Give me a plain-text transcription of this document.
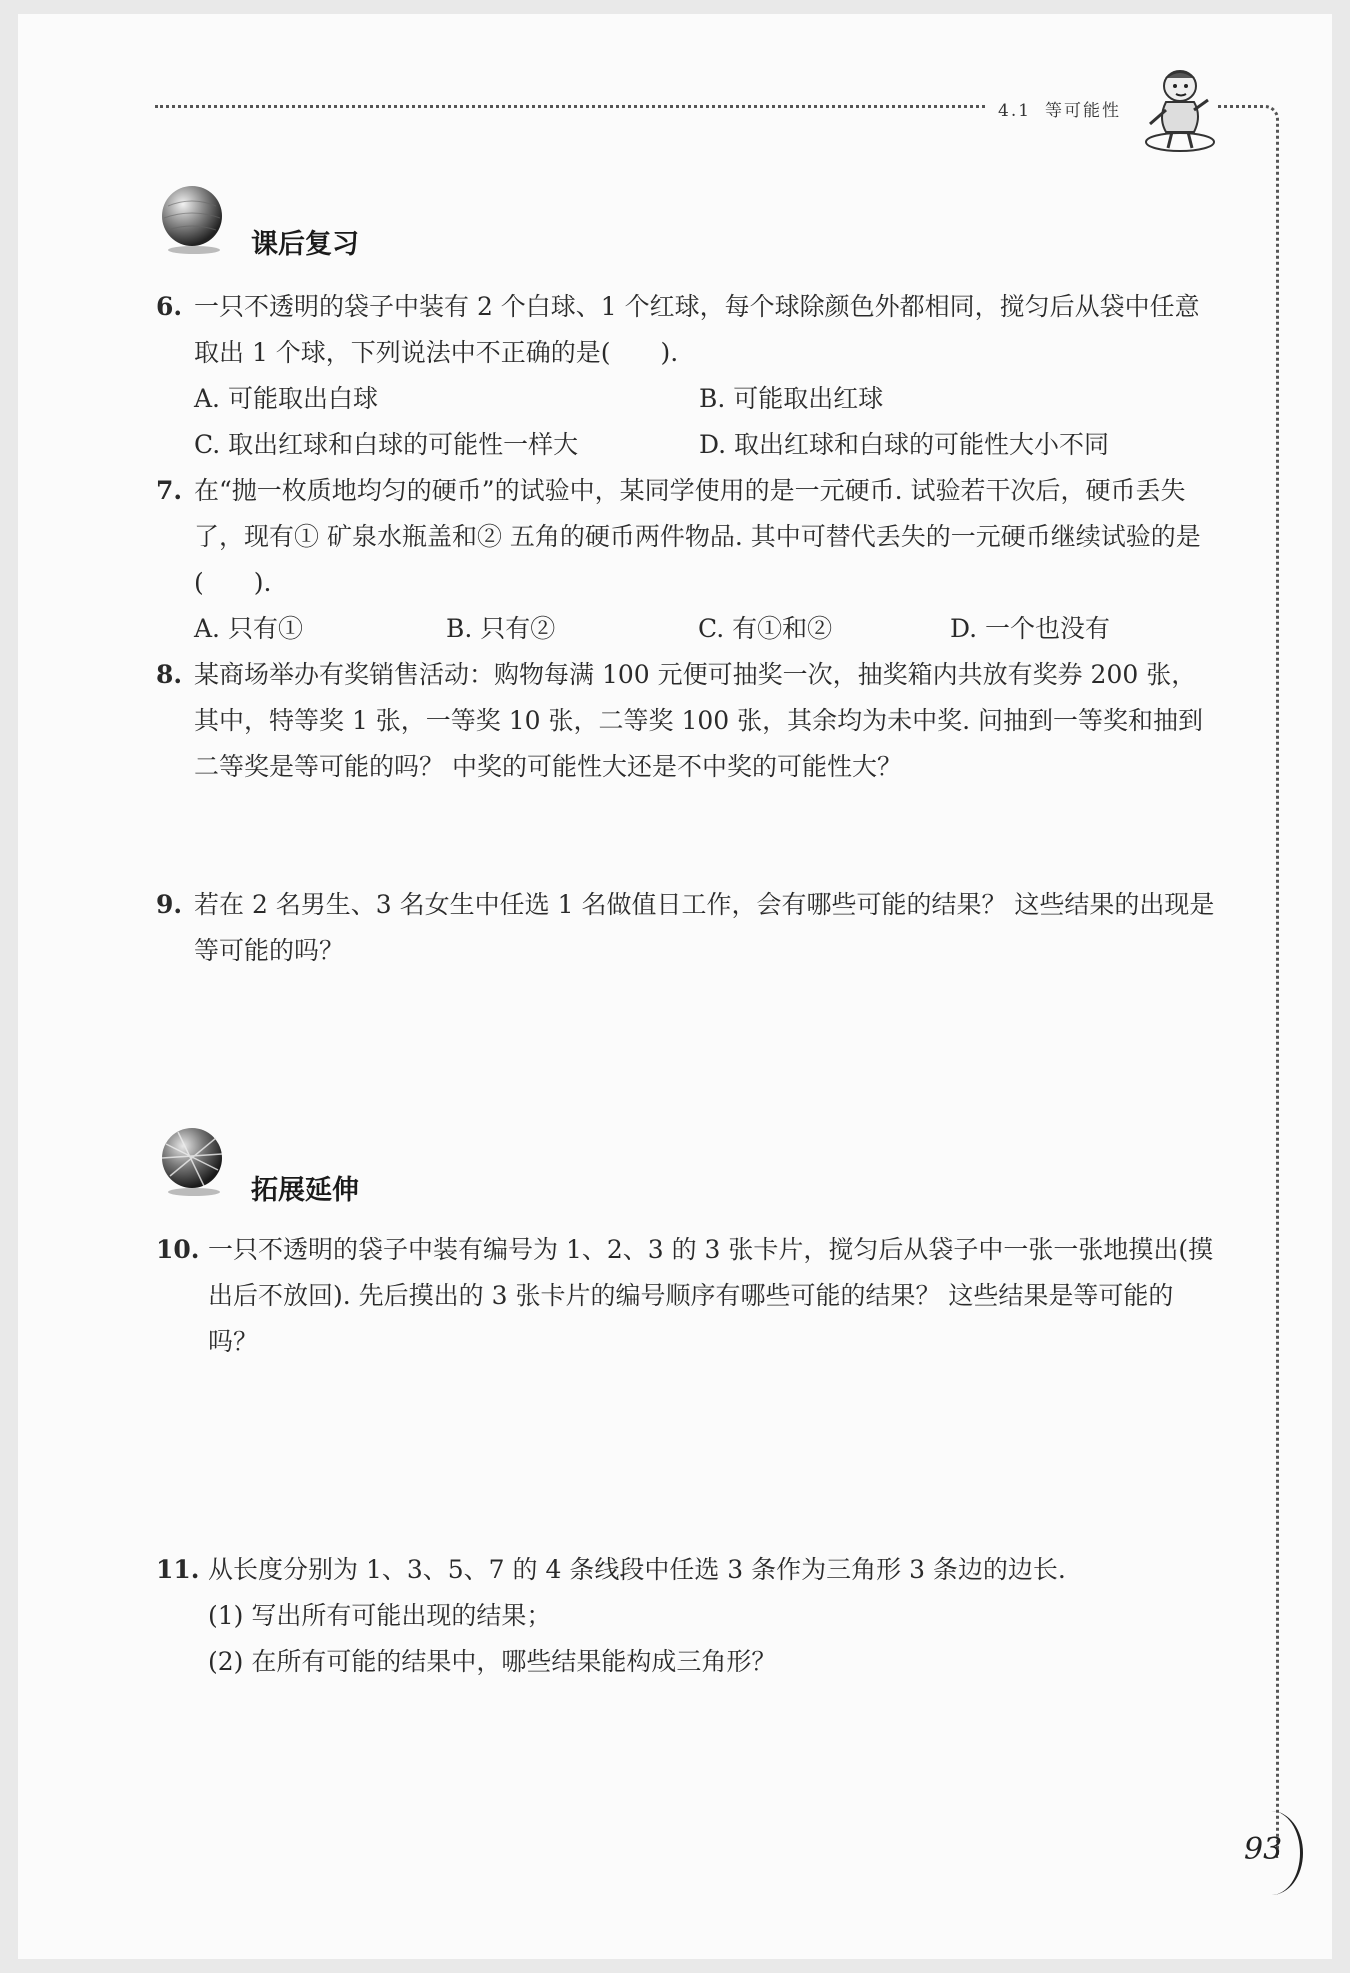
4.1 等可能性
93
课后复习
6. 一只不透明的袋子中装有 2 个白球、1 个红球，每个球除颜色外都相同，搅匀后从袋中任意取出 1 个球，下列说法中不正确的是(　　).
A. 可能取出白球	B. 可能取出红球
C. 取出红球和白球的可能性一样大	D. 取出红球和白球的可能性大小不同
7. 在“抛一枚质地均匀的硬币”的试验中，某同学使用的是一元硬币. 试验若干次后，硬币丢失了，现有① 矿泉水瓶盖和② 五角的硬币两件物品. 其中可替代丢失的一元硬币继续试验的是(　　).
A. 只有①	B. 只有②	C. 有①和②	D. 一个也没有
8. 某商场举办有奖销售活动：购物每满 100 元便可抽奖一次，抽奖箱内共放有奖券 200 张，其中，特等奖 1 张，一等奖 10 张，二等奖 100 张，其余均为未中奖. 问抽到一等奖和抽到二等奖是等可能的吗？ 中奖的可能性大还是不中奖的可能性大？
9. 若在 2 名男生、3 名女生中任选 1 名做值日工作，会有哪些可能的结果？ 这些结果的出现是等可能的吗？
拓展延伸
10. 一只不透明的袋子中装有编号为 1、2、3 的 3 张卡片，搅匀后从袋子中一张一张地摸出(摸出后不放回). 先后摸出的 3 张卡片的编号顺序有哪些可能的结果？ 这些结果是等可能的吗？
11. 从长度分别为 1、3、5、7 的 4 条线段中任选 3 条作为三角形 3 条边的边长.
(1) 写出所有可能出现的结果；
(2) 在所有可能的结果中，哪些结果能构成三角形？
